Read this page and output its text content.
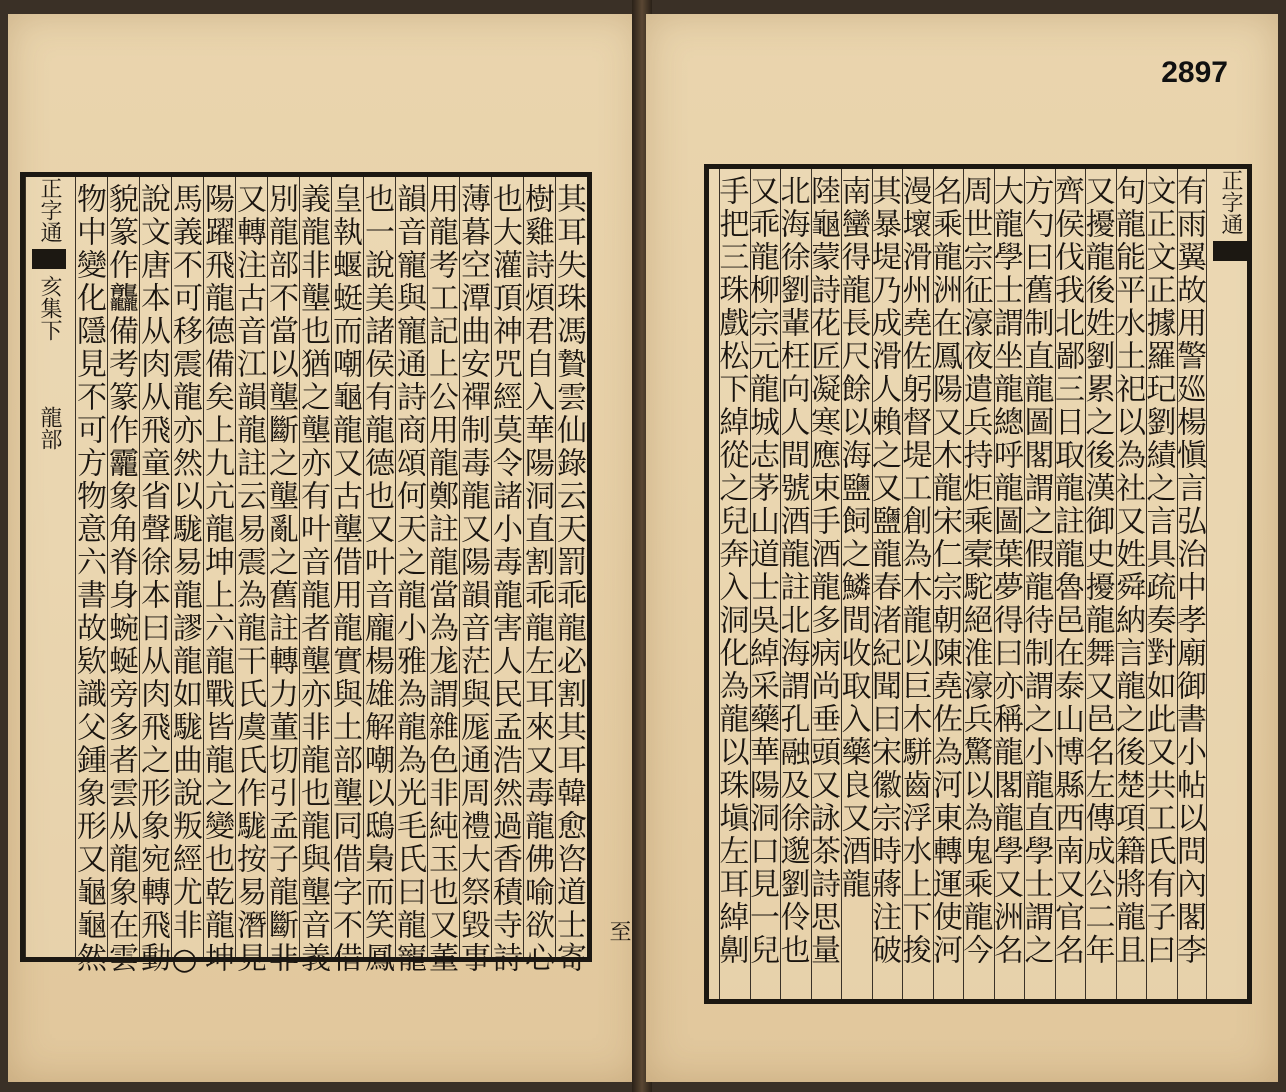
正字通亥集下 龍部	其耳失珠馮贄雲仙錄云天罰乖龍必割其耳韓愈咨道士寄
樹雞詩煩君自入華陽洞直割乖龍左耳來又毒龍佛喻欲心
也大灌頂神咒經莫令諸小毒龍害人民孟浩然過香積寺詩
薄暮空潭曲安禪制毒龍又陽韻音茫與厖通周禮大祭毀事
用龍考工記上公用龍鄭註龍當為尨謂雜色非純玉也又董
韻音寵與寵通詩商頌何天之龍小雅為龍為光毛氏曰龍寵
也一說美諸侯有龍德也又叶音龐楊雄解嘲以鴟梟而笑鳳
皇執蝘蜓而嘲龜龍又古壟借用龍實與土部壟同借字不借
義龍非壟也猶之壟亦有叶音龍者壟亦非龍也龍與壟音義
別龍部不當以壟斷之壟亂之舊註轉力董切引孟子龍斷非
又轉注古音江韻龍註云易震為龍干氏虞氏作駹按易潛見
陽躍飛龍德備矣上九亢龍坤上六龍戰皆龍之變也乾龍坤
馬義不可移震龍亦然以駹易龍謬龍如駹曲說叛經尤非○
說文唐本从肉从飛童省聲徐本曰从肉飛之形象宛轉飛動
貌篆作龘備考篆作龗象角脊身蜿蜒旁多者雲从龍象在雲
物中變化隱見不可方物意六書故欵識父鍾象形又龜龜然	至
2897
正字通
有雨翼故用警廵楊愼言弘治中孝廟御書小帖以問內閣李
文正文正據羅玘劉績之言具疏奏對如此又共工氏有子曰
句龍能平水土祀以為社又姓舜納言龍之後楚項籍將龍且
又擾龍後姓劉累之後漢御史擾龍舞又邑名左傳成公二年
齊侯伐我北鄙三日取龍註龍魯邑在泰山博縣西南又官名
方勺曰舊制直龍圖閣謂之假龍待制謂之小龍直學士謂之
大龍學士謂坐龍總呼龍圖葉夢得曰亦稱龍閣龍學又洲名
周世宗征濠夜遣兵持炬乘槖駝絕淮濠兵驚以為鬼乘龍今
名乘龍洲在鳳陽又木龍宋仁宗朝陳堯佐為河東轉運使河
漫壞滑州堯佐躬督堤工創為木龍以巨木駢齒浮水上下捘
其暴堤乃成滑人賴之又鹽龍春渚紀聞曰宋徽宗時蔣注破
南蠻得龍長尺餘以海鹽飼之鱗間收取入藥良又酒龍
陸龜蒙詩花匠凝寒應束手酒龍多病尚垂頭又詠茶詩思量
北海徐劉輩枉向人間號酒龍註北海謂孔融及徐邈劉伶也
又乖龍柳宗元龍城志茅山道士吳綽采藥華陽洞口見一兒
手把三珠戲松下綽從之兒奔入洞化為龍以珠塡左耳綽劓
